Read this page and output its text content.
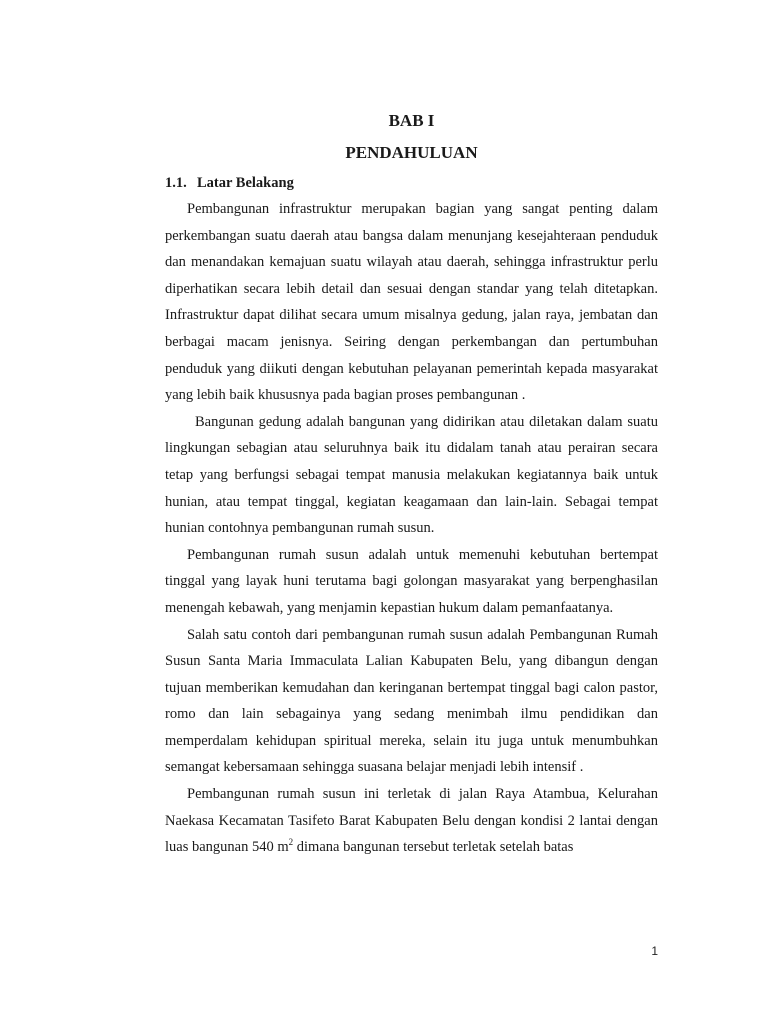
BAB I

PENDAHULUAN

1.1. Latar Belakang

Pembangunan infrastruktur merupakan bagian yang sangat penting dalam perkembangan suatu daerah atau bangsa dalam menunjang kesejahteraan penduduk dan menandakan kemajuan suatu wilayah atau daerah, sehingga infrastruktur perlu diperhatikan secara lebih detail dan sesuai dengan standar yang telah ditetapkan. Infrastruktur dapat dilihat secara umum misalnya gedung, jalan raya, jembatan dan berbagai macam jenisnya. Seiring dengan perkembangan dan pertumbuhan penduduk yang diikuti dengan kebutuhan pelayanan pemerintah kepada masyarakat yang lebih baik khususnya pada bagian proses pembangunan .

Bangunan gedung adalah bangunan yang didirikan atau diletakan dalam suatu lingkungan sebagian atau seluruhnya baik itu didalam tanah atau perairan secara tetap yang berfungsi sebagai tempat manusia melakukan kegiatannya baik untuk hunian, atau tempat tinggal, kegiatan keagamaan dan lain-lain. Sebagai tempat hunian contohnya pembangunan rumah susun.

Pembangunan rumah susun adalah untuk memenuhi kebutuhan bertempat tinggal yang layak huni terutama bagi golongan masyarakat yang berpenghasilan menengah kebawah, yang menjamin kepastian hukum dalam pemanfaatanya.

Salah satu contoh dari pembangunan rumah susun adalah Pembangunan Rumah Susun Santa Maria Immaculata Lalian Kabupaten Belu, yang dibangun dengan tujuan memberikan kemudahan dan keringanan bertempat tinggal bagi calon pastor, romo dan lain sebagainya yang sedang menimbah ilmu pendidikan dan memperdalam kehidupan spiritual mereka, selain itu juga untuk menumbuhkan semangat kebersamaan sehingga suasana belajar menjadi lebih intensif .

Pembangunan rumah susun ini terletak di jalan Raya Atambua, Kelurahan Naekasa Kecamatan Tasifeto Barat Kabupaten Belu dengan kondisi 2 lantai dengan luas bangunan 540 $m^2$ dimana bangunan tersebut terletak setelah batas

1
